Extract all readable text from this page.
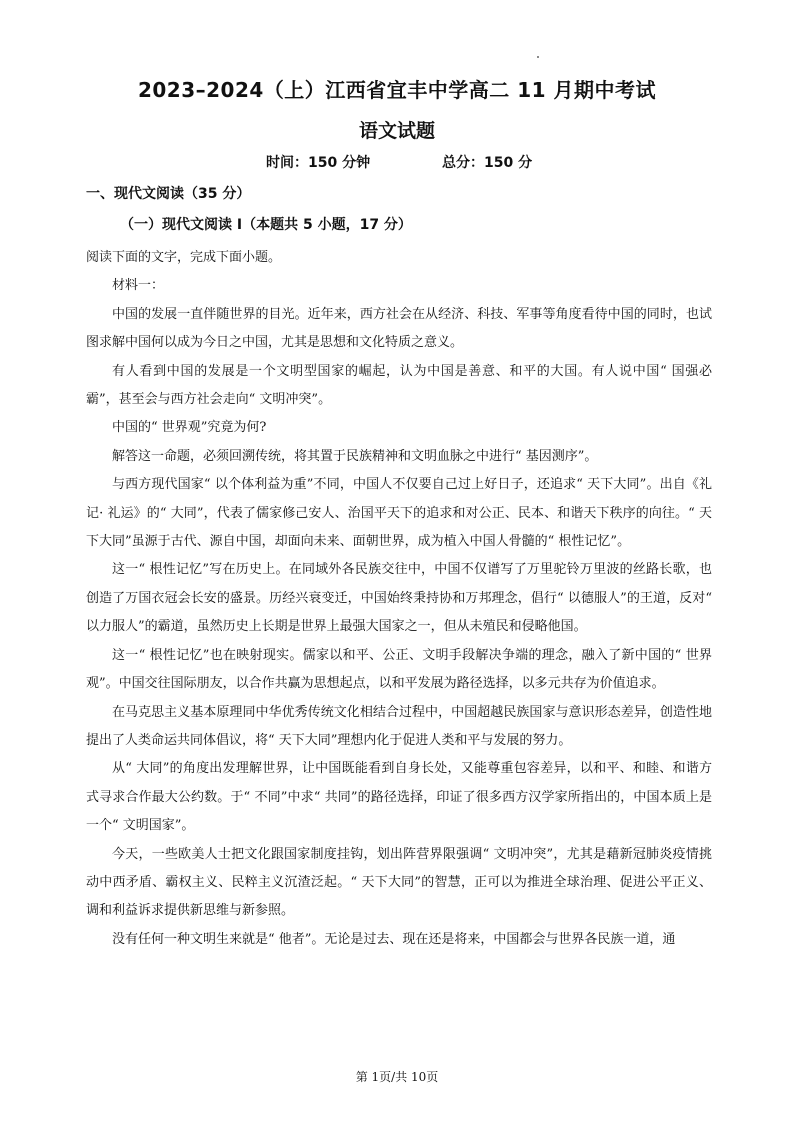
2023–2024（上）江西省宜丰中学高二 11 月期中考试
语文试题
时间：150 分钟	总分：150 分
一、现代文阅读（35 分）
（一）现代文阅读 I（本题共 5 小题，17 分）

阅读下面的文字，完成下面小题。

材料一：

中国的发展一直伴随世界的目光。近年来，西方社会在从经济、科技、军事等角度看待中国的同时，也试图求解中国何以成为今日之中国，尤其是思想和文化特质之意义。

有人看到中国的发展是一个文明型国家的崛起，认为中国是善意、和平的大国。有人说中国“ 国强必霸”，甚至会与西方社会走向“ 文明冲突”。

中国的“ 世界观”究竟为何?

解答这一命题，必须回溯传统，将其置于民族精神和文明血脉之中进行“ 基因测序”。

与西方现代国家“ 以个体利益为重”不同，中国人不仅要自己过上好日子，还追求“ 天下大同”。出自《礼记· 礼运》的“ 大同”，代表了儒家修己安人、治国平天下的追求和对公正、民本、和谐天下秩序的向往。“ 天下大同”虽源于古代、源自中国，却面向未来、面朝世界，成为植入中国人骨髓的“ 根性记忆”。

这一“ 根性记忆”写在历史上。在同域外各民族交往中，中国不仅谱写了万里驼铃万里波的丝路长歌，也创造了万国衣冠会长安的盛景。历经兴衰变迁，中国始终秉持协和万邦理念，倡行“ 以德服人”的王道，反对“ 以力服人”的霸道，虽然历史上长期是世界上最强大国家之一，但从未殖民和侵略他国。

这一“ 根性记忆”也在映射现实。儒家以和平、公正、文明手段解决争端的理念，融入了新中国的“ 世界观”。中国交往国际朋友，以合作共赢为思想起点，以和平发展为路径选择，以多元共存为价值追求。

在马克思主义基本原理同中华优秀传统文化相结合过程中，中国超越民族国家与意识形态差异，创造性地提出了人类命运共同体倡议，将“ 天下大同”理想内化于促进人类和平与发展的努力。

从“ 大同”的角度出发理解世界，让中国既能看到自身长处，又能尊重包容差异，以和平、和睦、和谐方式寻求合作最大公约数。于“ 不同”中求“ 共同”的路径选择，印证了很多西方汉学家所指出的，中国本质上是一个“ 文明国家”。

今天，一些欧美人士把文化跟国家制度挂钩，划出阵营界限强调“ 文明冲突”，尤其是藉新冠肺炎疫情挑动中西矛盾、霸权主义、民粹主义沉渣泛起。“ 天下大同”的智慧，正可以为推进全球治理、促进公平正义、调和利益诉求提供新思维与新参照。

没有任何一种文明生来就是“ 他者”。无论是过去、现在还是将来，中国都会与世界各民族一道，通

第 1页/共 10页
